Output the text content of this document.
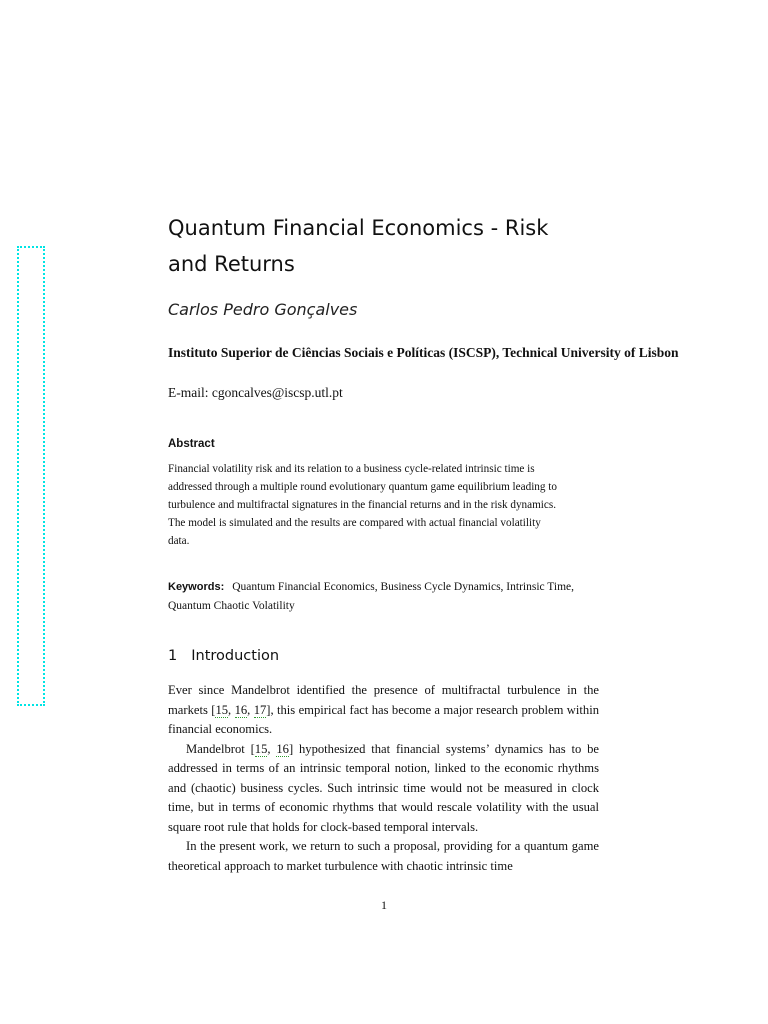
Quantum Financial Economics - Risk
and Returns
Carlos Pedro Gonçalves
Instituto Superior de Ciências Sociais e Políticas (ISCSP), Technical University of Lisbon
E-mail: cgoncalves@iscsp.utl.pt
Abstract

Financial volatility risk and its relation to a business cycle-related intrinsic time is
addressed through a multiple round evolutionary quantum game equilibrium leading to
turbulence and multifractal signatures in the financial returns and in the risk dynamics.
The model is simulated and the results are compared with actual financial volatility
data.

Keywords: Quantum Financial Economics, Business Cycle Dynamics, Intrinsic Time, Quantum Chaotic Volatility

1 Introduction

Ever since Mandelbrot identified the presence of multifractal turbulence in the markets [15, 16, 17], this empirical fact has become a major research problem within financial economics.

Mandelbrot [15, 16] hypothesized that financial systems’ dynamics has to be addressed in terms of an intrinsic temporal notion, linked to the economic rhythms and (chaotic) business cycles. Such intrinsic time would not be measured in clock time, but in terms of economic rhythms that would rescale volatility with the usual square root rule that holds for clock-based temporal intervals.

In the present work, we return to such a proposal, providing for a quantum game theoretical approach to market turbulence with chaotic intrinsic time

1
